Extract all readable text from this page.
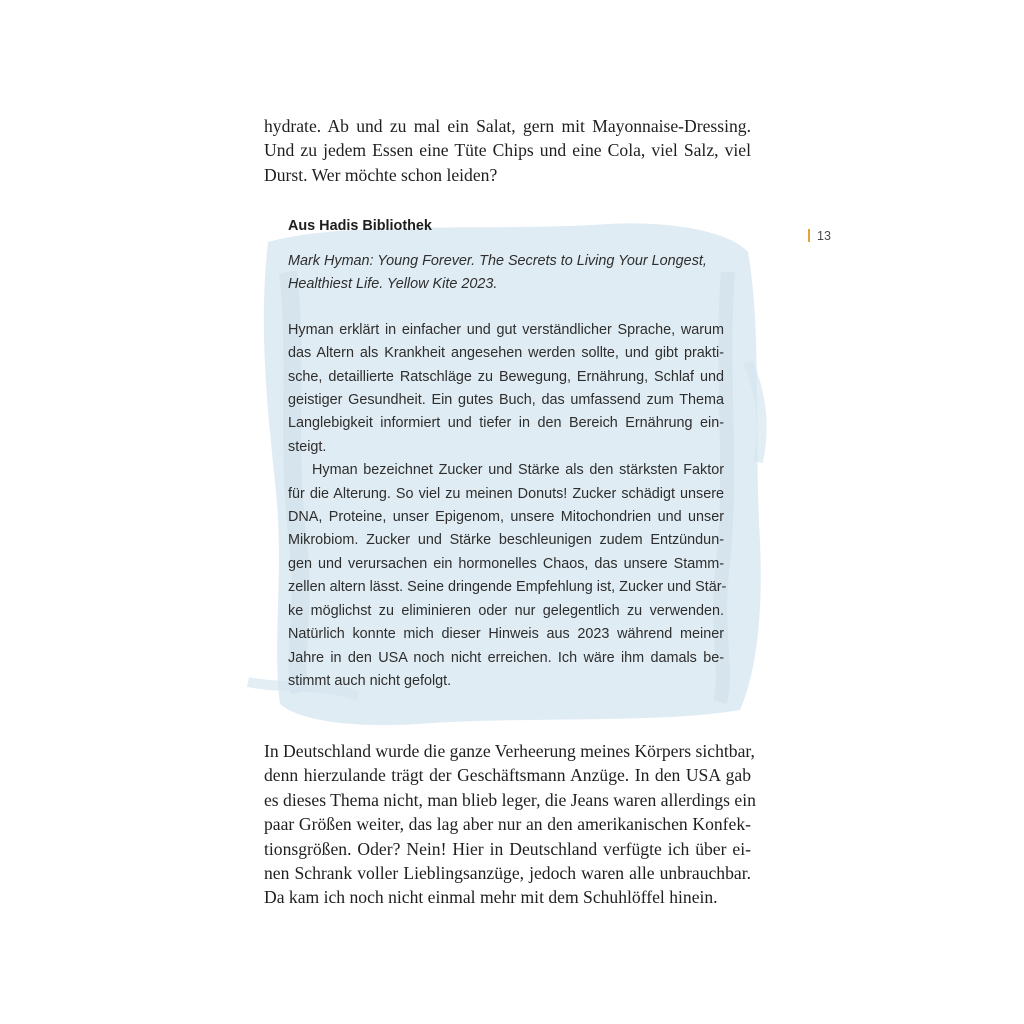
hydrate. Ab und zu mal ein Salat, gern mit Mayonnaise-Dressing.
Und zu jedem Essen eine Tüte Chips und eine Cola, viel Salz, viel
Durst. Wer möchte schon leiden?

13
Aus Hadis Bibliothek

Mark Hyman: Young Forever. The Secrets to Living Your Longest,
Healthiest Life. Yellow Kite 2023.

Hyman erklärt in einfacher und gut verständlicher Sprache, warum
das Altern als Krankheit angesehen werden sollte, und gibt prakti-
sche, detaillierte Ratschläge zu Bewegung, Ernährung, Schlaf und
geistiger Gesundheit. Ein gutes Buch, das umfassend zum Thema
Langlebigkeit informiert und tiefer in den Bereich Ernährung ein-
steigt.

Hyman bezeichnet Zucker und Stärke als den stärksten Faktor
für die Alterung. So viel zu meinen Donuts! Zucker schädigt unsere
DNA, Proteine, unser Epigenom, unsere Mitochondrien und unser
Mikrobiom. Zucker und Stärke beschleunigen zudem Entzündun-
gen und verursachen ein hormonelles Chaos, das unsere Stamm-
zellen altern lässt. Seine dringende Empfehlung ist, Zucker und Stär-
ke möglichst zu eliminieren oder nur gelegentlich zu verwenden.
Natürlich konnte mich dieser Hinweis aus 2023 während meiner
Jahre in den USA noch nicht erreichen. Ich wäre ihm damals be-
stimmt auch nicht gefolgt.

In Deutschland wurde die ganze Verheerung meines Körpers sichtbar,
denn hierzulande trägt der Geschäftsmann Anzüge. In den USA gab
es dieses Thema nicht, man blieb leger, die Jeans waren allerdings ein
paar Größen weiter, das lag aber nur an den amerikanischen Konfek-
tionsgrößen. Oder? Nein! Hier in Deutschland verfügte ich über ei-
nen Schrank voller Lieblingsanzüge, jedoch waren alle unbrauchbar.
Da kam ich noch nicht einmal mehr mit dem Schuhlöffel hinein.
